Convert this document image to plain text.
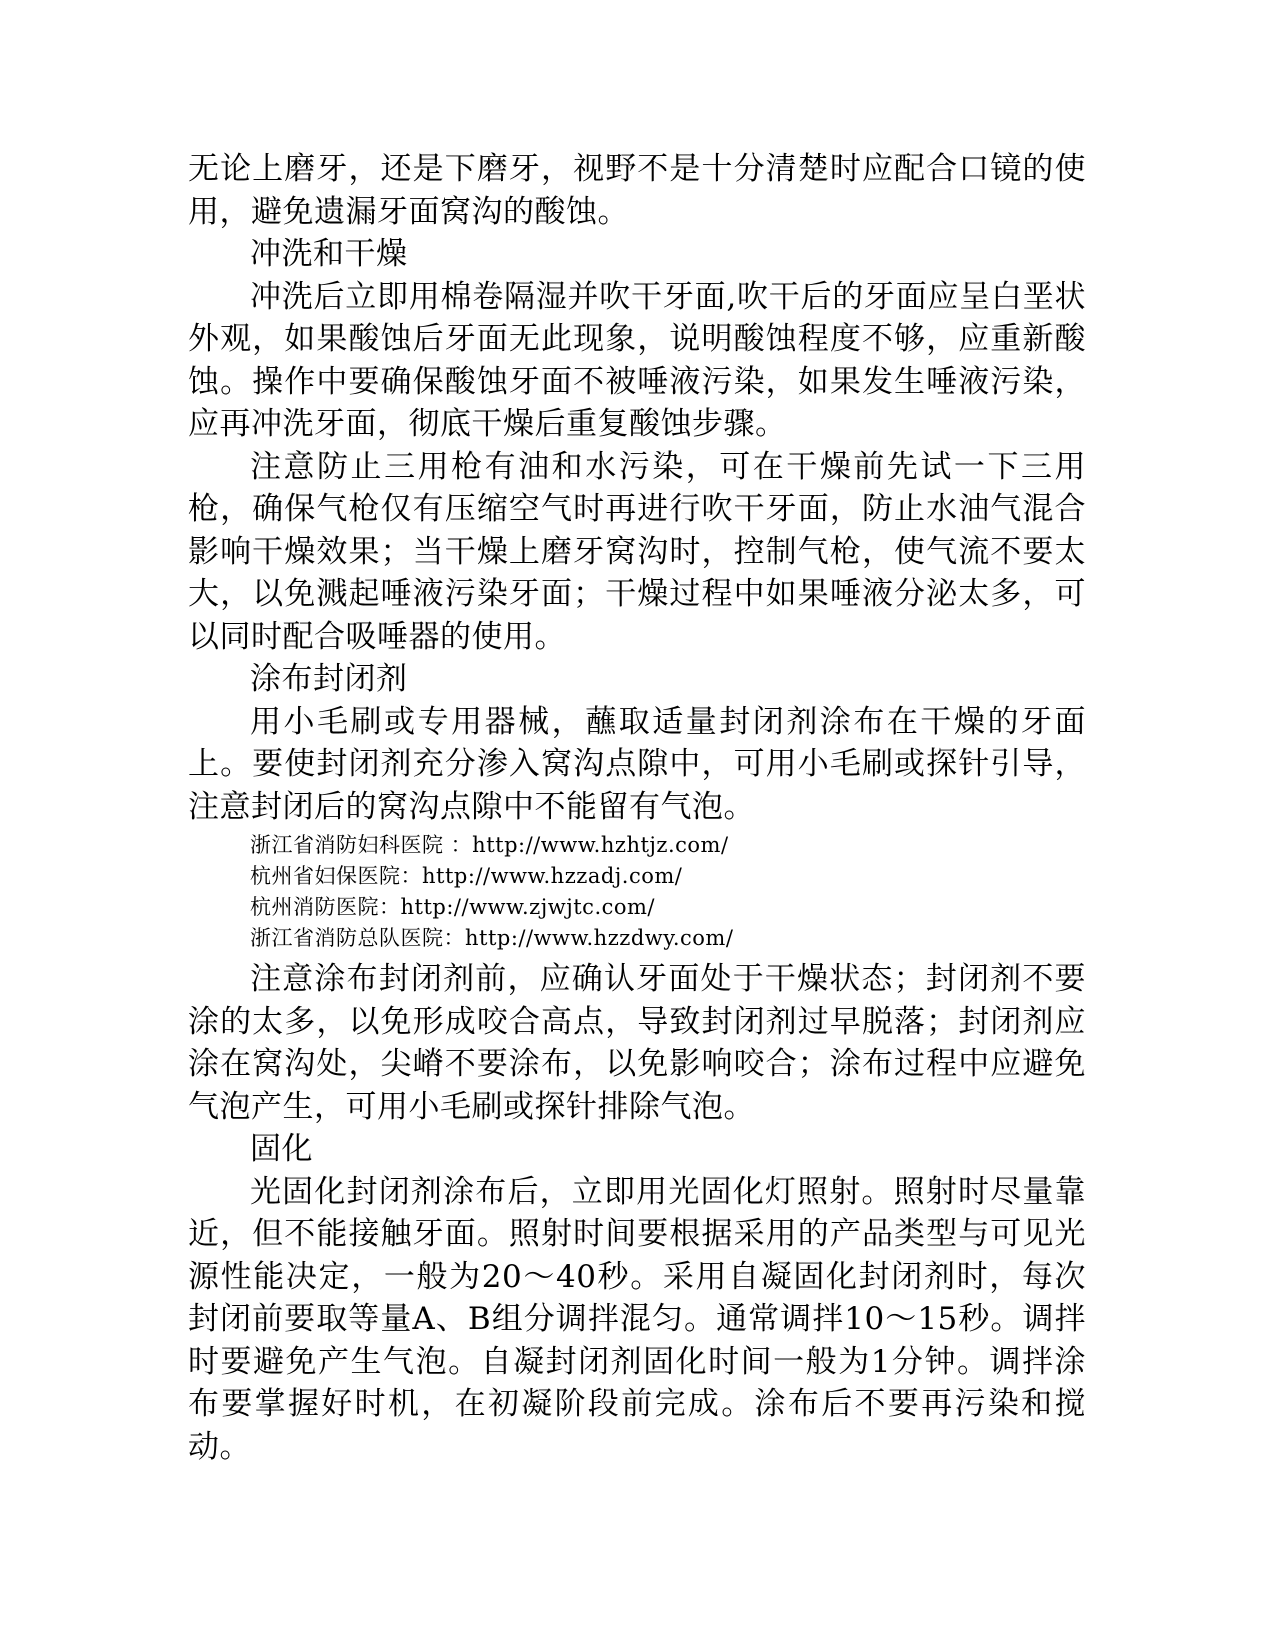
无论上磨牙，还是下磨牙，视野不是十分清楚时应配合口镜的使用，避免遗漏牙面窝沟的酸蚀。

冲洗和干燥

冲洗后立即用棉卷隔湿并吹干牙面,吹干后的牙面应呈白垩状外观，如果酸蚀后牙面无此现象，说明酸蚀程度不够，应重新酸蚀。操作中要确保酸蚀牙面不被唾液污染，如果发生唾液污染，应再冲洗牙面，彻底干燥后重复酸蚀步骤。

注意防止三用枪有油和水污染，可在干燥前先试一下三用枪，确保气枪仅有压缩空气时再进行吹干牙面，防止水油气混合影响干燥效果；当干燥上磨牙窝沟时，控制气枪，使气流不要太大，以免溅起唾液污染牙面；干燥过程中如果唾液分泌太多，可以同时配合吸唾器的使用。

涂布封闭剂

用小毛刷或专用器械，蘸取适量封闭剂涂布在干燥的牙面上。要使封闭剂充分渗入窝沟点隙中，可用小毛刷或探针引导，注意封闭后的窝沟点隙中不能留有气泡。

浙江省消防妇科医院 ：http://www.hzhtjz.com/

杭州省妇保医院：http://www.hzzadj.com/

杭州消防医院：http://www.zjwjtc.com/

浙江省消防总队医院：http://www.hzzdwy.com/

注意涂布封闭剂前，应确认牙面处于干燥状态；封闭剂不要涂的太多，以免形成咬合高点，导致封闭剂过早脱落；封闭剂应涂在窝沟处，尖嵴不要涂布，以免影响咬合；涂布过程中应避免气泡产生，可用小毛刷或探针排除气泡。

固化

光固化封闭剂涂布后，立即用光固化灯照射。照射时尽量靠近，但不能接触牙面。照射时间要根据采用的产品类型与可见光源性能决定，一般为20～40秒。采用自凝固化封闭剂时，每次封闭前要取等量A、B组分调拌混匀。通常调拌10～15秒。调拌时要避免产生气泡。自凝封闭剂固化时间一般为1分钟。调拌涂布要掌握好时机，在初凝阶段前完成。涂布后不要再污染和搅动。
